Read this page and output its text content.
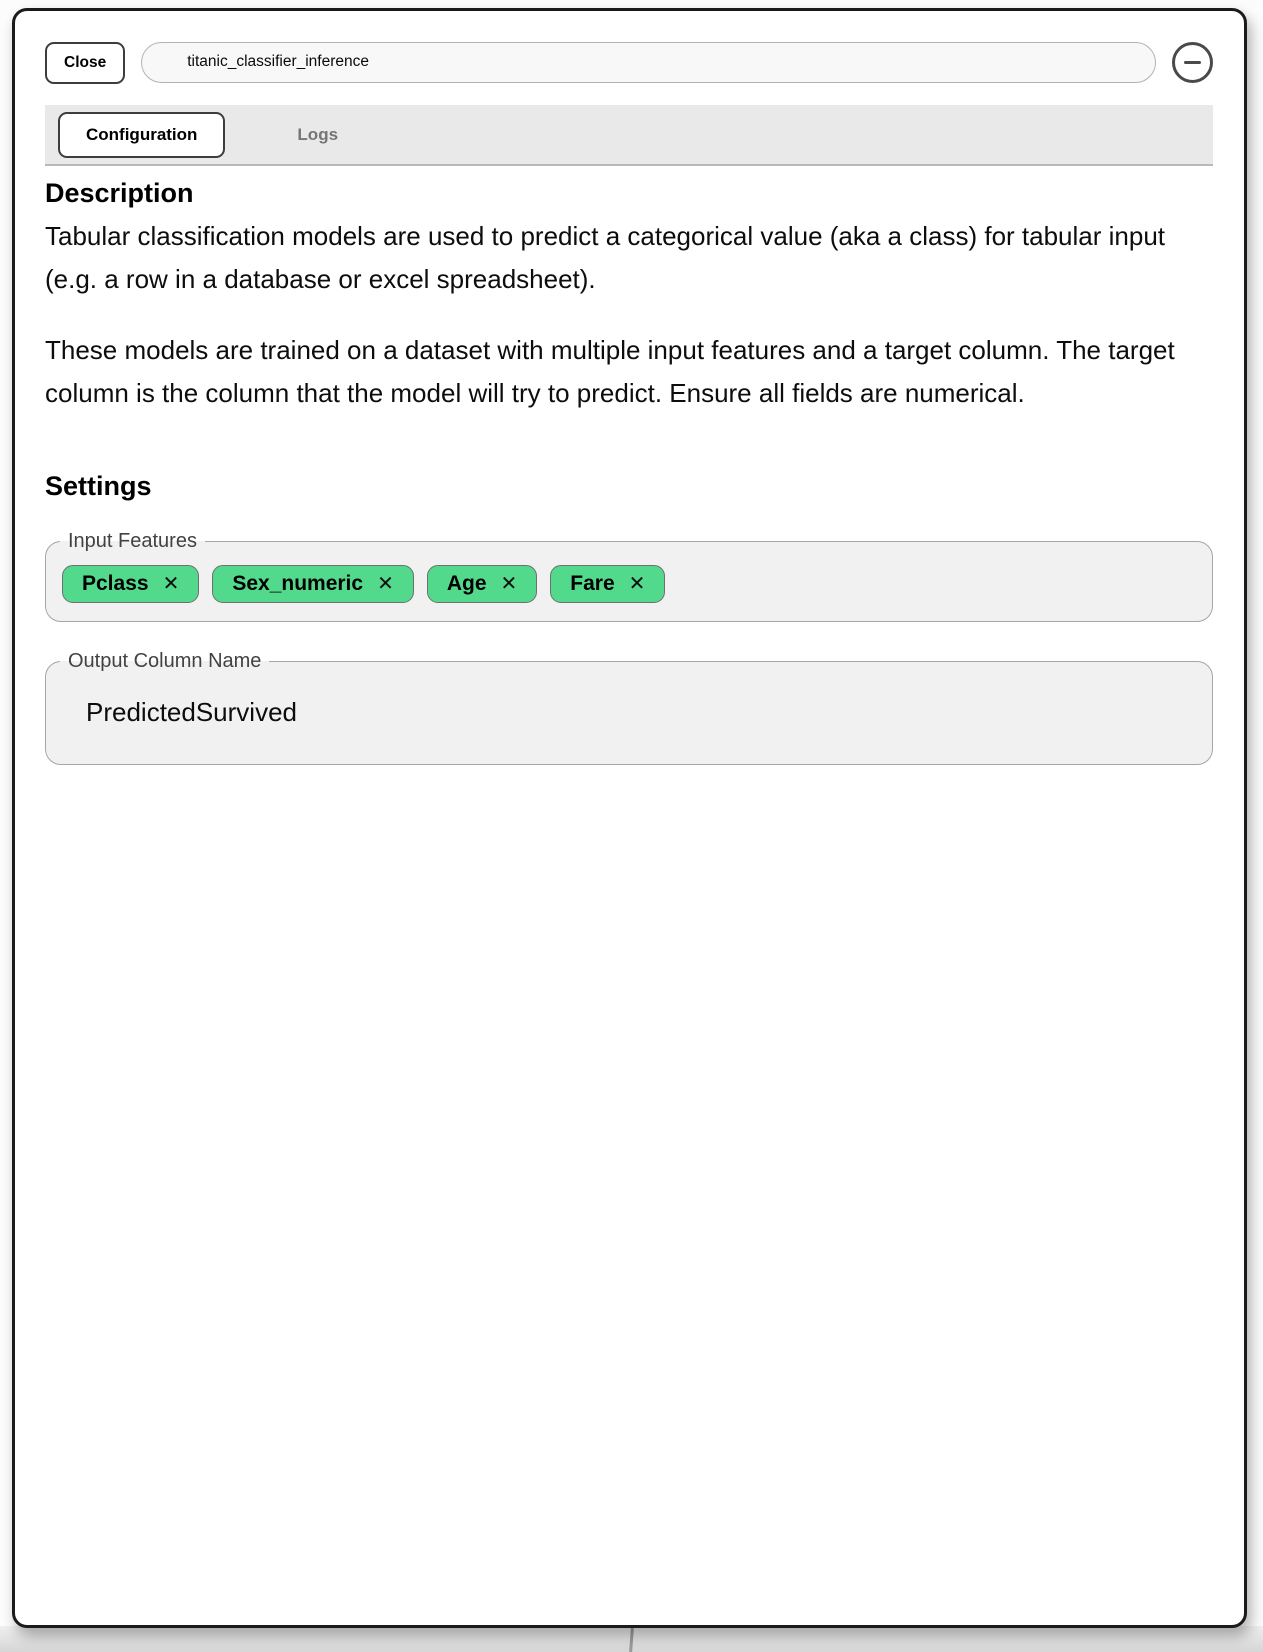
Close	titanic_classifier_inference
Configuration	Logs
Description

Tabular classification models are used to predict a categorical value (aka a class) for tabular input (e.g. a row in a database or excel spreadsheet).

These models are trained on a dataset with multiple input features and a target column. The target column is the column that the model will try to predict. Ensure all fields are numerical.

Settings
Input Features
Pclass ✕	Sex_numeric ✕	Age ✕	Fare ✕
Output Column Name
PredictedSurvived
